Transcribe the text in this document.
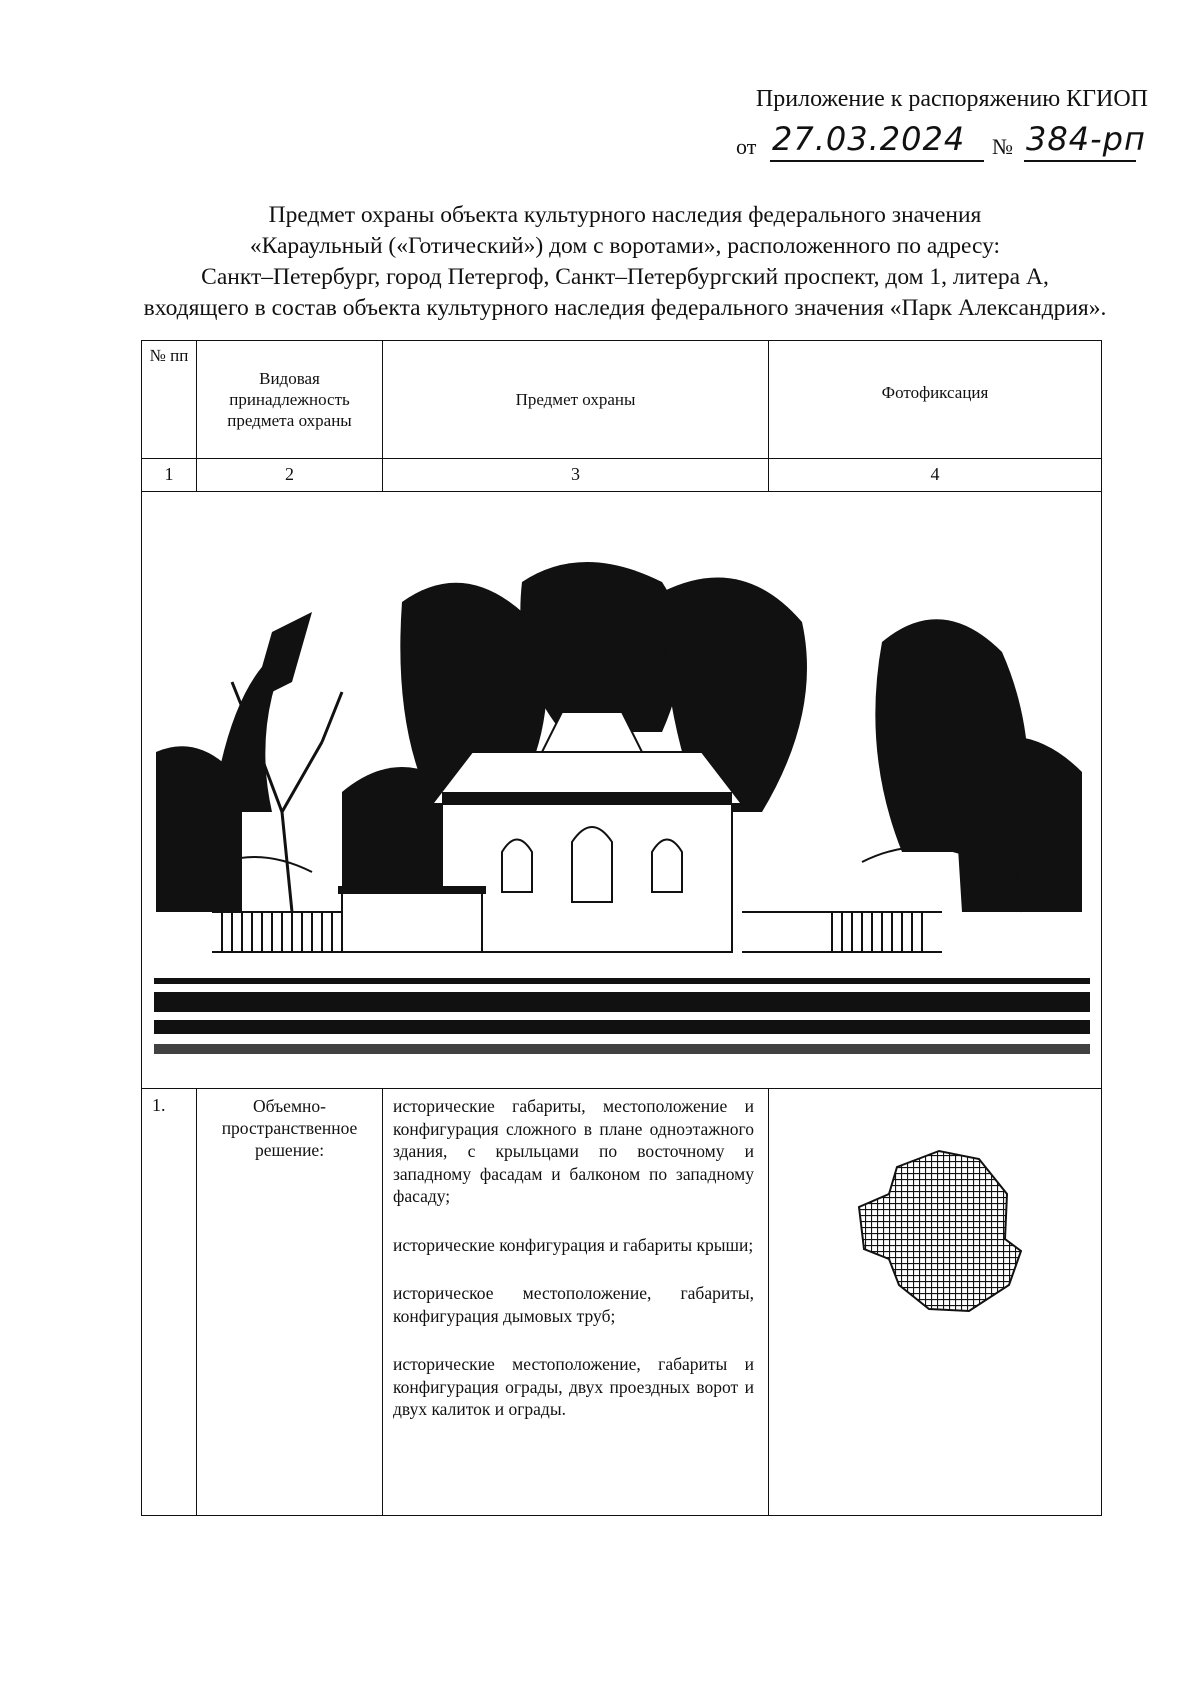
Приложение к распоряжению КГИОП
от 27.03.2024 № 384-рп
Предмет охраны объекта культурного наследия федерального значения
«Караульный («Готический») дом с воротами», расположенного по адресу:
Санкт–Петербург, город Петергоф, Санкт–Петербургский проспект, дом 1, литера А,
входящего в состав объекта культурного наследия федерального значения «Парк Александрия».
№ пп	Видовая принадлежность предмета охраны	Предмет охраны	Фотофиксация
1	2	3	4

1.	Объемно-пространственное решение:	исторические габариты, местоположение и конфигурация сложного в плане одноэтажного здания, с крыльцами по восточному и западному фасадам и балконом по западному фасаду;

исторические конфигурация и габариты крыши;

историческое местоположение, габариты, конфигурация дымовых труб;

исторические местоположение, габариты и конфигурация ограды, двух проездных ворот и двух калиток и ограды.
